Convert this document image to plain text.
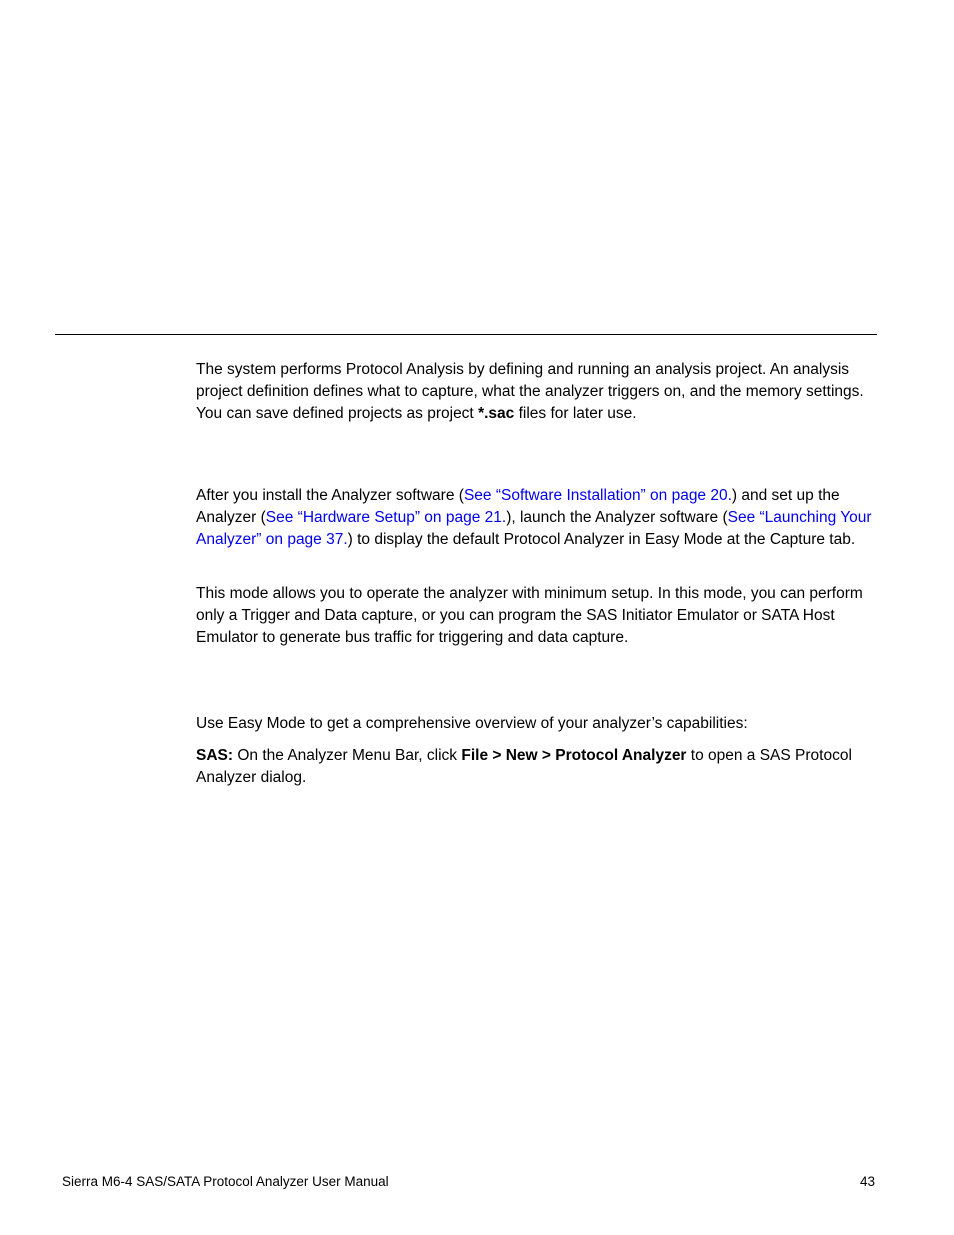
The system performs Protocol Analysis by defining and running an analysis project. An analysis project definition defines what to capture, what the analyzer triggers on, and the memory settings. You can save defined projects as project *.sac files for later use.

After you install the Analyzer software (See “Software Installation” on page 20.) and set up the Analyzer (See “Hardware Setup” on page 21.), launch the Analyzer software (See “Launching Your Analyzer” on page 37.) to display the default Protocol Analyzer in Easy Mode at the Capture tab.

This mode allows you to operate the analyzer with minimum setup. In this mode, you can perform only a Trigger and Data capture, or you can program the SAS Initiator Emulator or SATA Host Emulator to generate bus traffic for triggering and data capture.

Use Easy Mode to get a comprehensive overview of your analyzer’s capabilities:

SAS: On the Analyzer Menu Bar, click File > New > Protocol Analyzer to open a SAS Protocol Analyzer dialog.

Sierra M6-4 SAS/SATA Protocol Analyzer User Manual	43
